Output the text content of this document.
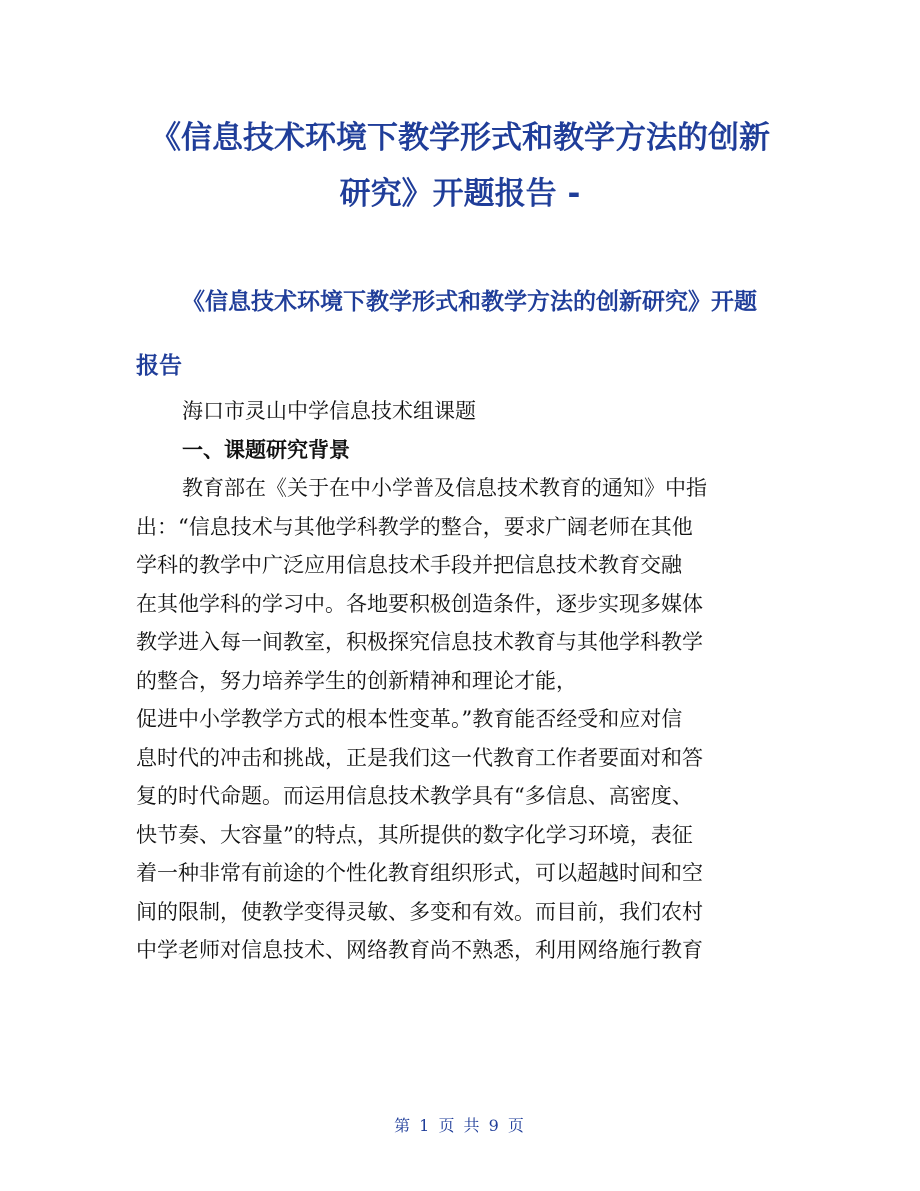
《信息技术环境下教学形式和教学方法的创新
研究》开题报告 -
《信息技术环境下教学形式和教学方法的创新研究》开题
报告

海口市灵山中学信息技术组课题

一、课题研究背景

教育部在《关于在中小学普及信息技术教育的通知》中指

出：“信息技术与其他学科教学的整合，要求广阔老师在其他

学科的教学中广泛应用信息技术手段并把信息技术教育交融

在其他学科的学习中。各地要积极创造条件，逐步实现多媒体

教学进入每一间教室，积极探究信息技术教育与其他学科教学

的整合，努力培养学生的创新精神和理论才能，

促进中小学教学方式的根本性变革。”教育能否经受和应对信

息时代的冲击和挑战，正是我们这一代教育工作者要面对和答

复的时代命题。而运用信息技术教学具有“多信息、高密度、

快节奏、大容量”的特点，其所提供的数字化学习环境，表征

着一种非常有前途的个性化教育组织形式，可以超越时间和空

间的限制，使教学变得灵敏、多变和有效。而目前，我们农村

中学老师对信息技术、网络教育尚不熟悉，利用网络施行教育

第 1 页 共 9 页
